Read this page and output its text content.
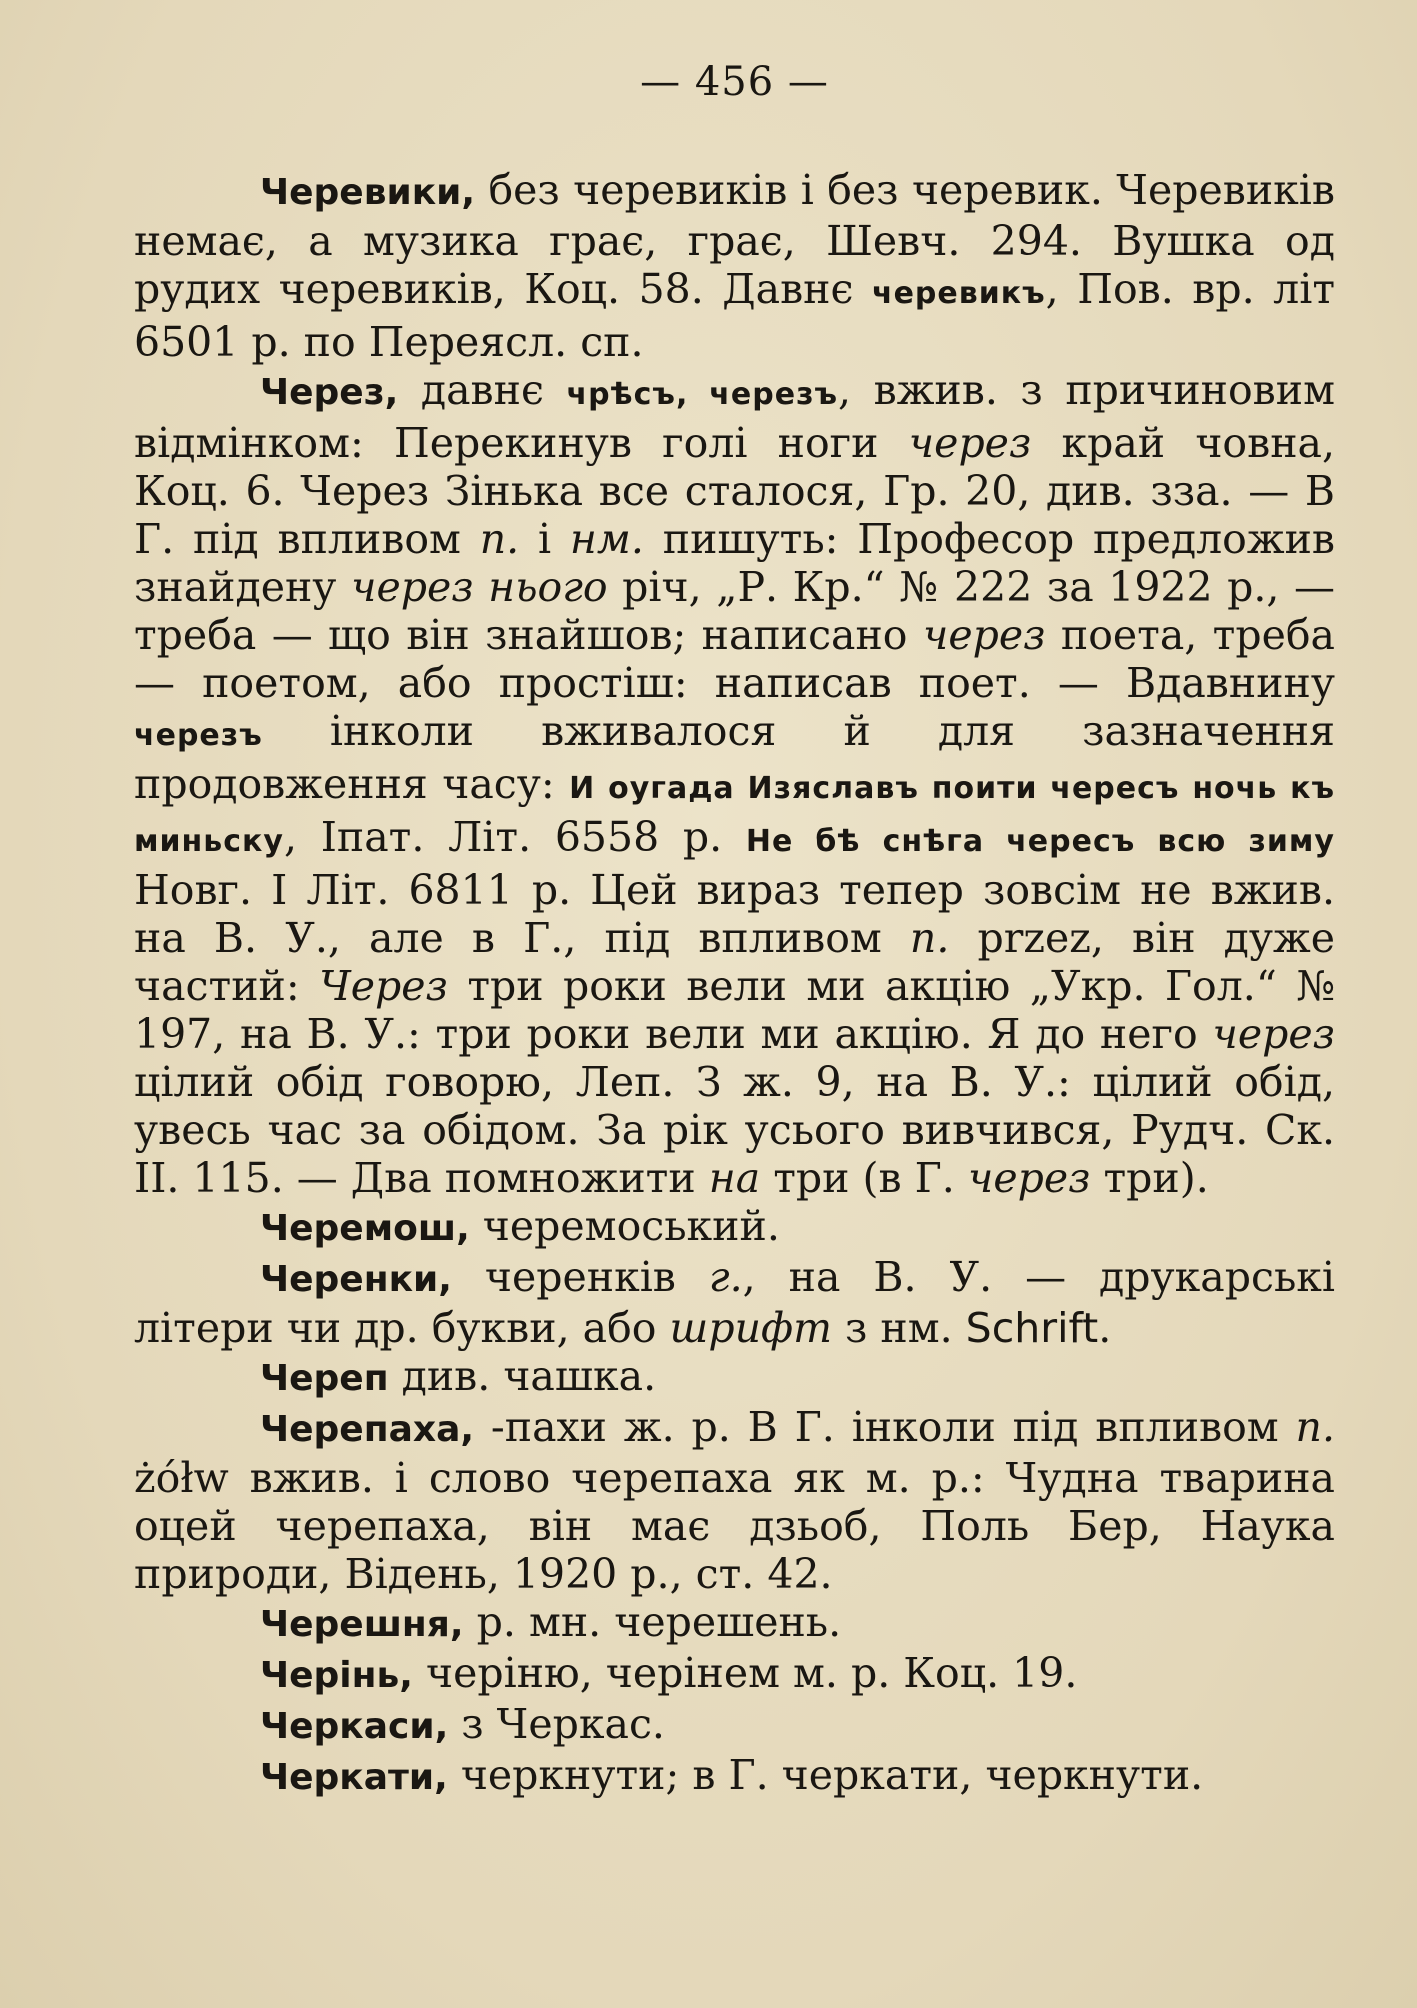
— 456 —

Черевики, без черевиків і без черевик. Черевиків немає, а музика грає, грає, Шевч. 294. Вушка од рудих черевиків, Коц. 58. Давнє черевикъ, Пов. вр. літ 6501 р. по Переясл. сп.

Через, давнє чрѣсъ, черезъ, вжив. з причиновим відмінком: Перекинув голі ноги через край човна, Коц. 6. Через Зінька все сталося, Гр. 20, див. зза. — В Г. під впливом п. і нм. пишуть: Професор предложив знайдену через нього річ, „Р. Кр.“ № 222 за 1922 р., — треба — що він знайшов; написано через поета, треба — поетом, або простіш: написав поет. — Вдавнину черезъ інколи вживалося й для зазначення продовження часу: И оугада Изяславъ поити чересъ ночь къ миньску, Іпат. Літ. 6558 р. Не бѣ снѣга чересъ всю зиму Новг. І Літ. 6811 р. Цей вираз тепер зовсім не вжив. на В. У., але в Г., під впливом п. przez, він дуже частий: Через три роки вели ми акцію „Укр. Гол.“ № 197, на В. У.: три роки вели ми акцію. Я до него через цілий обід говорю, Леп. З ж. 9, на В. У.: цілий обід, увесь час за обідом. За рік усього вивчився, Рудч. Ск. II. 115. — Два помножити на три (в Г. через три).

Черемош, черемоський.

Черенки, черенків г., на В. У. — друкарські літери чи др. букви, або шрифт з нм. Schrift.

Череп див. чашка.

Черепаха, -пахи ж. р. В Г. інколи під впливом п. żółw вжив. і слово черепаха як м. р.: Чудна тварина оцей черепаха, він має дзьоб, Поль Бер, Наука природи, Відень, 1920 р., ст. 42.

Черешня, р. мн. черешень.

Черінь, черіню, черінем м. р. Коц. 19.

Черкаси, з Черкас.

Черкати, черкнути; в Г. черкати, черкнути.
